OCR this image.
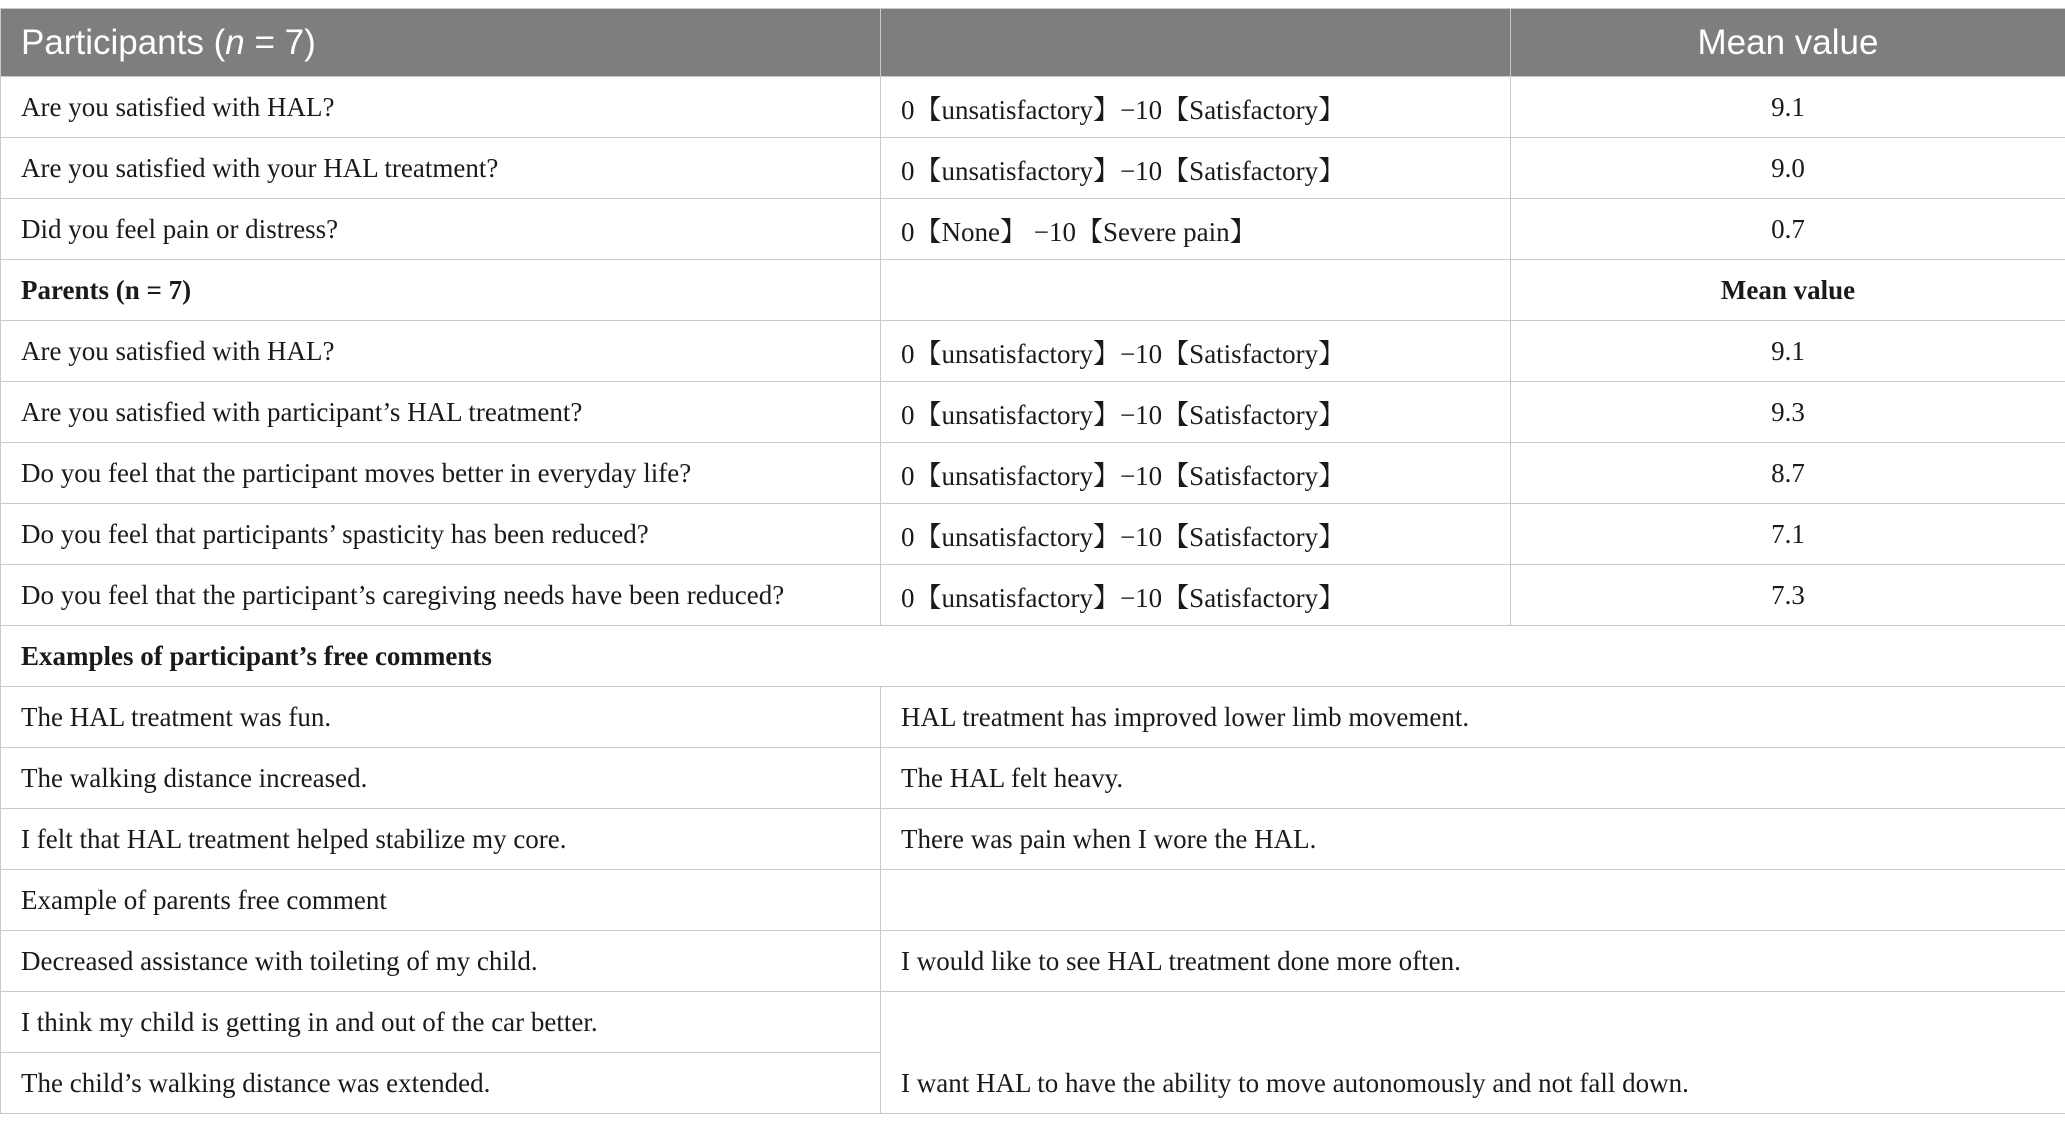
Participants (n = 7)		Mean value
Are you satisfied with HAL?	0【unsatisfactory】−10【Satisfactory】	9.1
Are you satisfied with your HAL treatment?	0【unsatisfactory】−10【Satisfactory】	9.0
Did you feel pain or distress?	0【None】 −10【Severe pain】	0.7
Parents (n = 7)		Mean value
Are you satisfied with HAL?	0【unsatisfactory】−10【Satisfactory】	9.1
Are you satisfied with participant’s HAL treatment?	0【unsatisfactory】−10【Satisfactory】	9.3
Do you feel that the participant moves better in everyday life?	0【unsatisfactory】−10【Satisfactory】	8.7
Do you feel that participants’ spasticity has been reduced?	0【unsatisfactory】−10【Satisfactory】	7.1
Do you feel that the participant’s caregiving needs have been reduced?	0【unsatisfactory】−10【Satisfactory】	7.3
Examples of participant’s free comments		
The HAL treatment was fun.	HAL treatment has improved lower limb movement.	
The walking distance increased.	The HAL felt heavy.	
I felt that HAL treatment helped stabilize my core.	There was pain when I wore the HAL.	
Example of parents free comment		
Decreased assistance with toileting of my child.	I would like to see HAL treatment done more often.	
I think my child is getting in and out of the car better.	I want HAL to have the ability to move autonomously and not fall down.	
The child’s walking distance was extended.		
